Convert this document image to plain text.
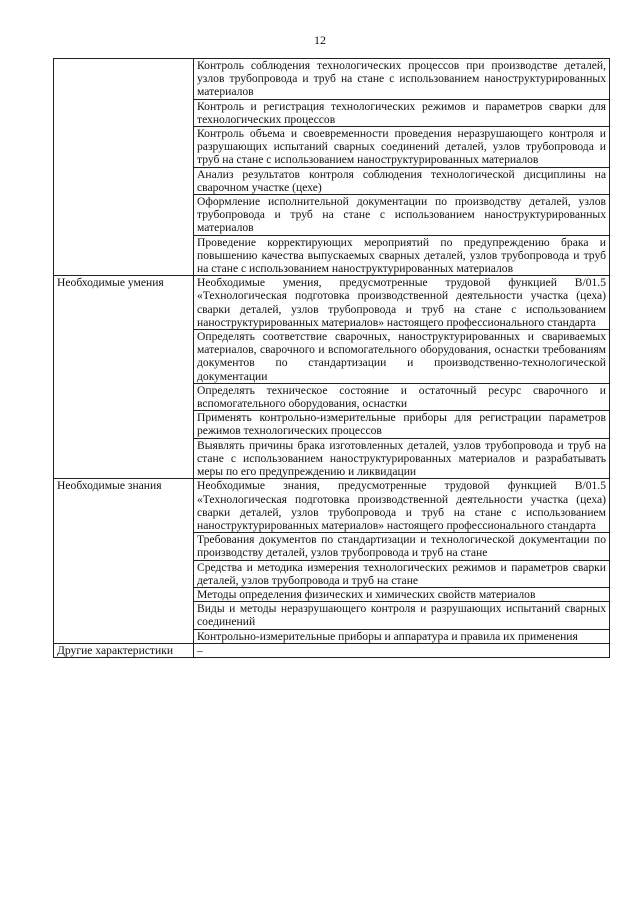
12
	Контроль соблюдения технологических процессов при производстве деталей, узлов трубопровода и труб на стане с использованием наноструктурированных материалов
	Контроль и регистрация технологических режимов и параметров сварки для технологических процессов
	Контроль объема и своевременности проведения неразрушающего контроля и разрушающих испытаний сварных соединений деталей, узлов трубопровода и труб на стане с использованием наноструктурированных материалов
	Анализ результатов контроля соблюдения технологической дисциплины на сварочном участке (цехе)
	Оформление исполнительной документации по производству деталей, узлов трубопровода и труб на стане с использованием наноструктурированных материалов
	Проведение корректирующих мероприятий по предупреждению брака и повышению качества выпускаемых сварных деталей, узлов трубопровода и труб на стане с использованием наноструктурированных материалов
Необходимые умения	Необходимые умения, предусмотренные трудовой функцией В/01.5 «Технологическая подготовка производственной деятельности участка (цеха) сварки деталей, узлов трубопровода и труб на стане с использованием наноструктурированных материалов» настоящего профессионального стандарта
	Определять соответствие сварочных, наноструктурированных и свариваемых материалов, сварочного и вспомогательного оборудования, оснастки требованиям документов по стандартизации и производственно-технологической документации
	Определять техническое состояние и остаточный ресурс сварочного и вспомогательного оборудования, оснастки
	Применять контрольно-измерительные приборы для регистрации параметров режимов технологических процессов
	Выявлять причины брака изготовленных деталей, узлов трубопровода и труб на стане с использованием наноструктурированных материалов и разрабатывать меры по его предупреждению и ликвидации
Необходимые знания	Необходимые знания, предусмотренные трудовой функцией В/01.5 «Технологическая подготовка производственной деятельности участка (цеха) сварки деталей, узлов трубопровода и труб на стане с использованием наноструктурированных материалов» настоящего профессионального стандарта
	Требования документов по стандартизации и технологической документации по производству деталей, узлов трубопровода и труб на стане
	Средства и методика измерения технологических режимов и параметров сварки деталей, узлов трубопровода и труб на стане
	Методы определения физических и химических свойств материалов
	Виды и методы неразрушающего контроля и разрушающих испытаний сварных соединений
	Контрольно-измерительные приборы и аппаратура и правила их применения
Другие характеристики	–
